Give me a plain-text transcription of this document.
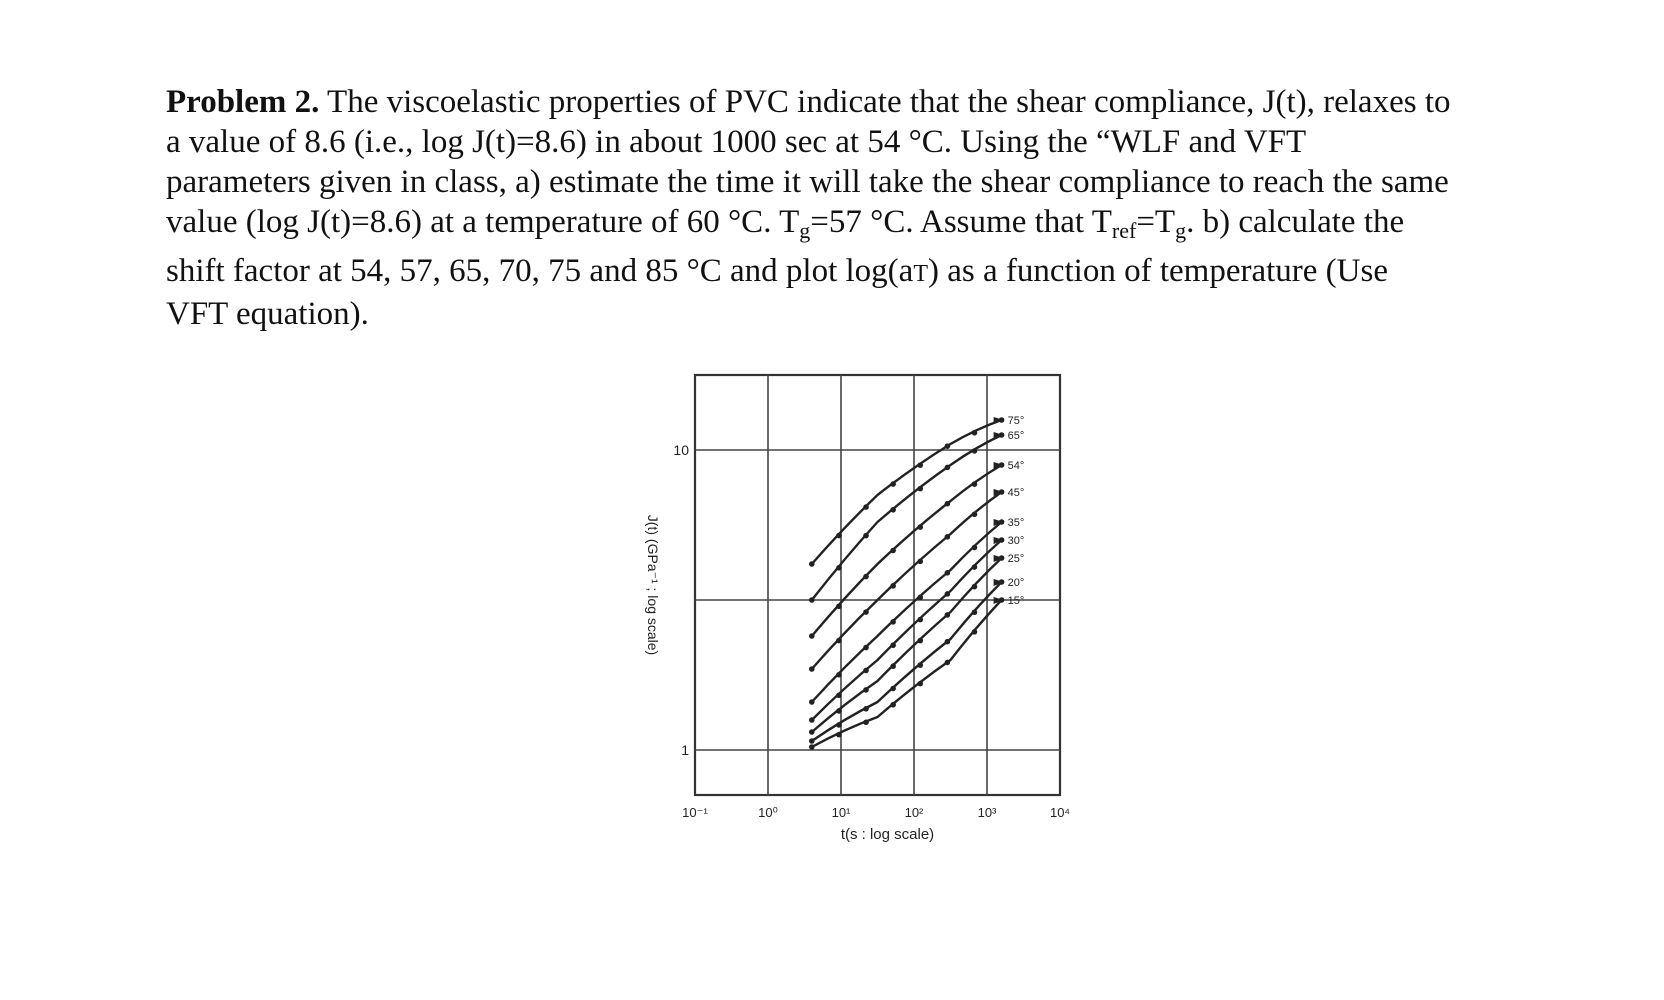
Problem 2. The viscoelastic properties of PVC indicate that the shear compliance, J(t), relaxes to
a value of 8.6 (i.e., log J(t)=8.6) in about 1000 sec at 54 °C. Using the “WLF and VFT
parameters given in class, a) estimate the time it will take the shear compliance to reach the same
value (log J(t)=8.6) at a temperature of 60 °C. $T_g=57$ °C. Assume that $T_{ref}=T_g$. b) calculate the
shift factor at 54, 57, 65, 70, 75 and 85 °C and plot log(aT) as a function of temperature (Use
VFT equation).

10⁻¹	10⁰	10¹	10²	10³	10⁴
10
1
t(s : log scale)
J(t) (GPa⁻¹ ; log scale)
75°
65°
54°
45°
35°
30°
25°
20°
15°
